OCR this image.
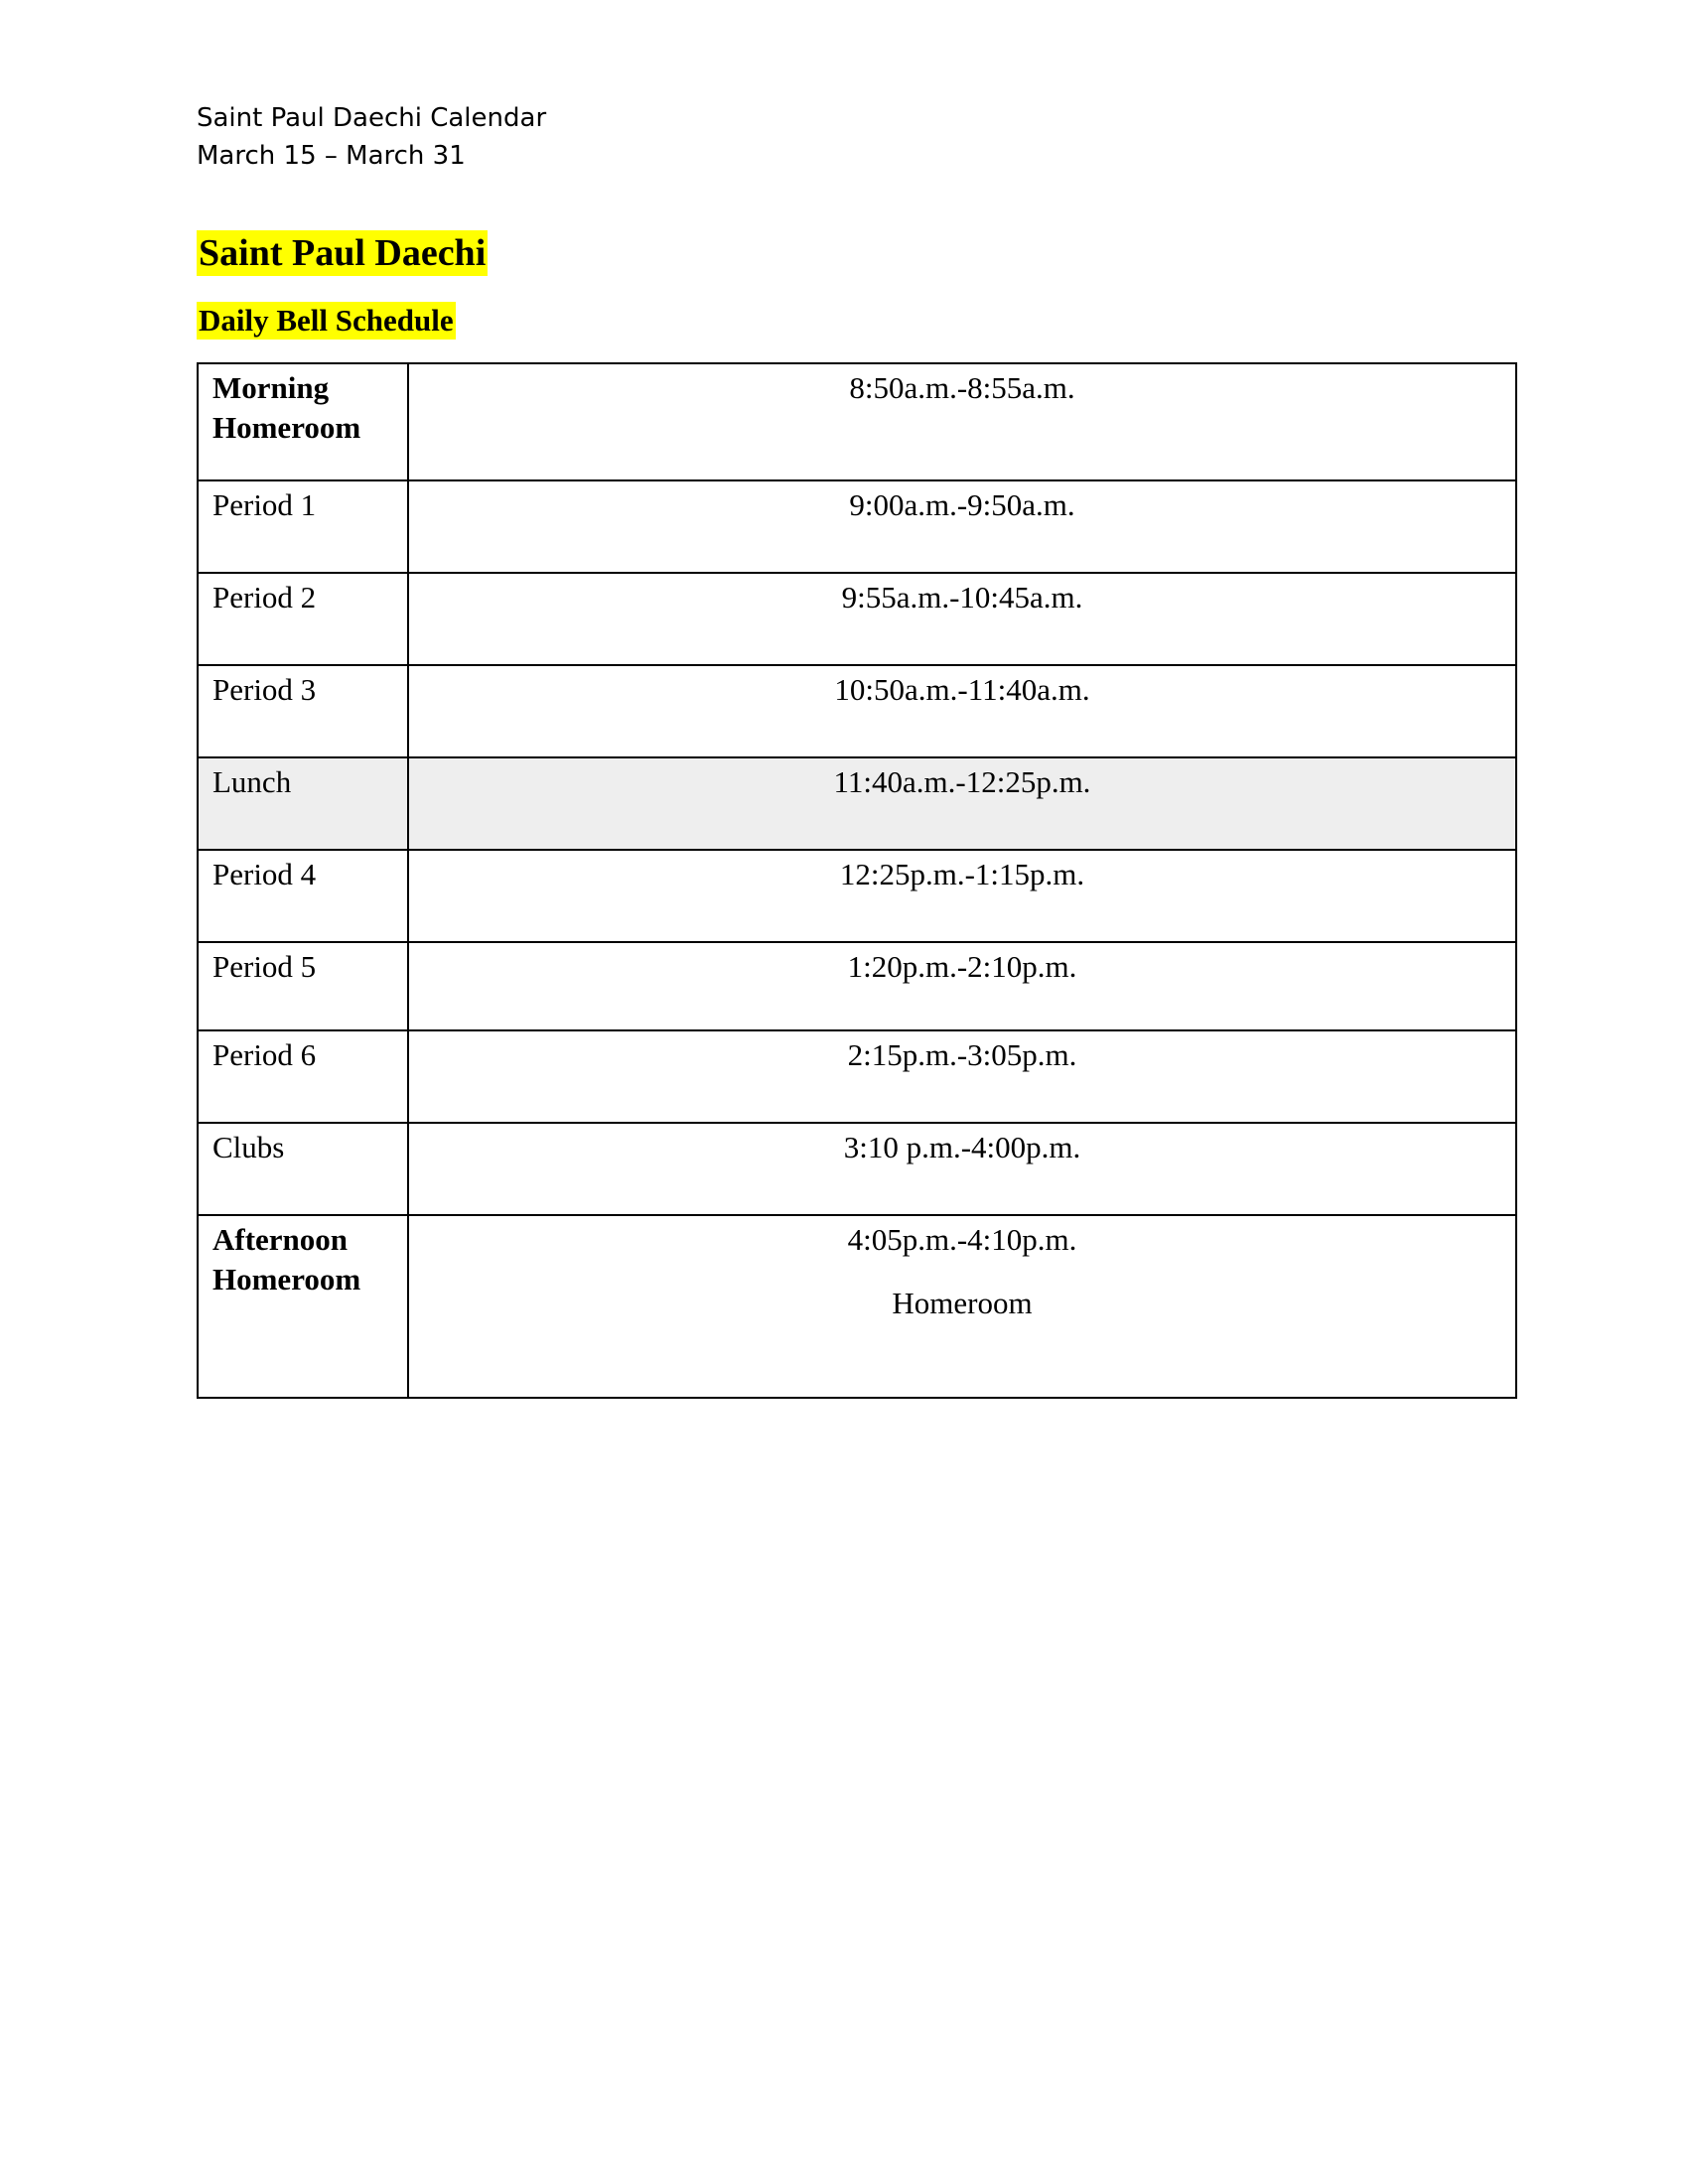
Saint Paul Daechi Calendar
March 15 – March 31
Saint Paul Daechi
Daily Bell Schedule
Morning Homeroom	8:50a.m.-8:55a.m.
Period 1	9:00a.m.-9:50a.m.
Period 2	9:55a.m.-10:45a.m.
Period 3	10:50a.m.-11:40a.m.
Lunch	11:40a.m.-12:25p.m.
Period 4	12:25p.m.-1:15p.m.
Period 5	1:20p.m.-2:10p.m.
Period 6	2:15p.m.-3:05p.m.
Clubs	3:10 p.m.-4:00p.m.
Afternoon Homeroom	4:05p.m.-4:10p.m.
Homeroom
